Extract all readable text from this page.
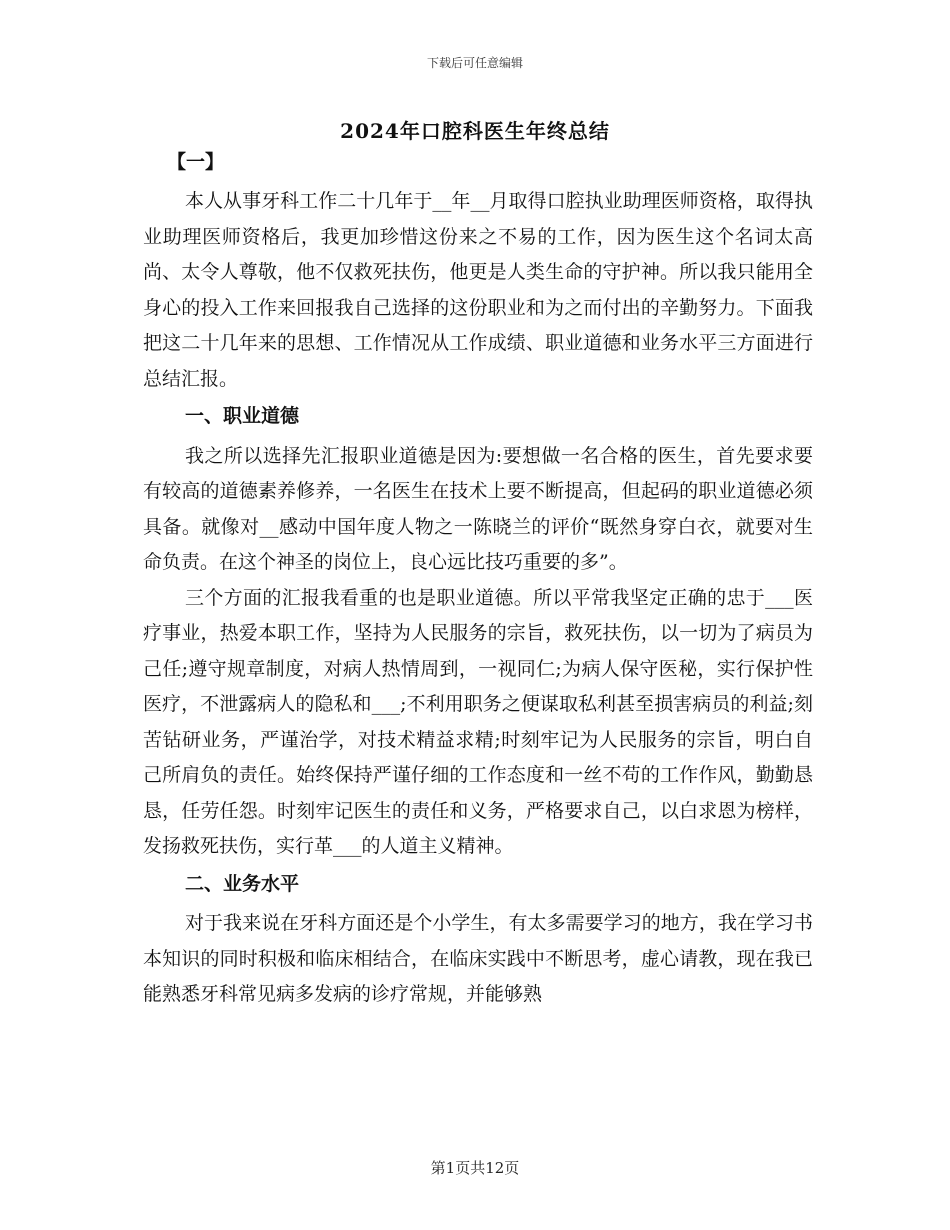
下载后可任意编辑
2024年口腔科医生年终总结
【一】

本人从事牙科工作二十几年于__年__月取得口腔执业助理医师资格，取得执业助理医师资格后，我更加珍惜这份来之不易的工作，因为医生这个名词太高尚、太令人尊敬，他不仅救死扶伤，他更是人类生命的守护神。所以我只能用全身心的投入工作来回报我自己选择的这份职业和为之而付出的辛勤努力。下面我把这二十几年来的思想、工作情况从工作成绩、职业道德和业务水平三方面进行总结汇报。

一、职业道德

我之所以选择先汇报职业道德是因为:要想做一名合格的医生，首先要求要有较高的道德素养修养，一名医生在技术上要不断提高，但起码的职业道德必须具备。就像对__感动中国年度人物之一陈晓兰的评价“既然身穿白衣，就要对生命负责。在这个神圣的岗位上，良心远比技巧重要的多”。

三个方面的汇报我看重的也是职业道德。所以平常我坚定正确的忠于___医疗事业，热爱本职工作，坚持为人民服务的宗旨，救死扶伤，以一切为了病员为己任;遵守规章制度，对病人热情周到，一视同仁;为病人保守医秘，实行保护性医疗，不泄露病人的隐私和___;不利用职务之便谋取私利甚至损害病员的利益;刻苦钻研业务，严谨治学，对技术精益求精;时刻牢记为人民服务的宗旨，明白自己所肩负的责任。始终保持严谨仔细的工作态度和一丝不苟的工作作风，勤勤恳恳，任劳任怨。时刻牢记医生的责任和义务，严格要求自己，以白求恩为榜样，发扬救死扶伤，实行革___的人道主义精神。

二、业务水平

对于我来说在牙科方面还是个小学生，有太多需要学习的地方，我在学习书本知识的同时积极和临床相结合，在临床实践中不断思考，虚心请教，现在我已能熟悉牙科常见病多发病的诊疗常规，并能够熟

第1页共12页
